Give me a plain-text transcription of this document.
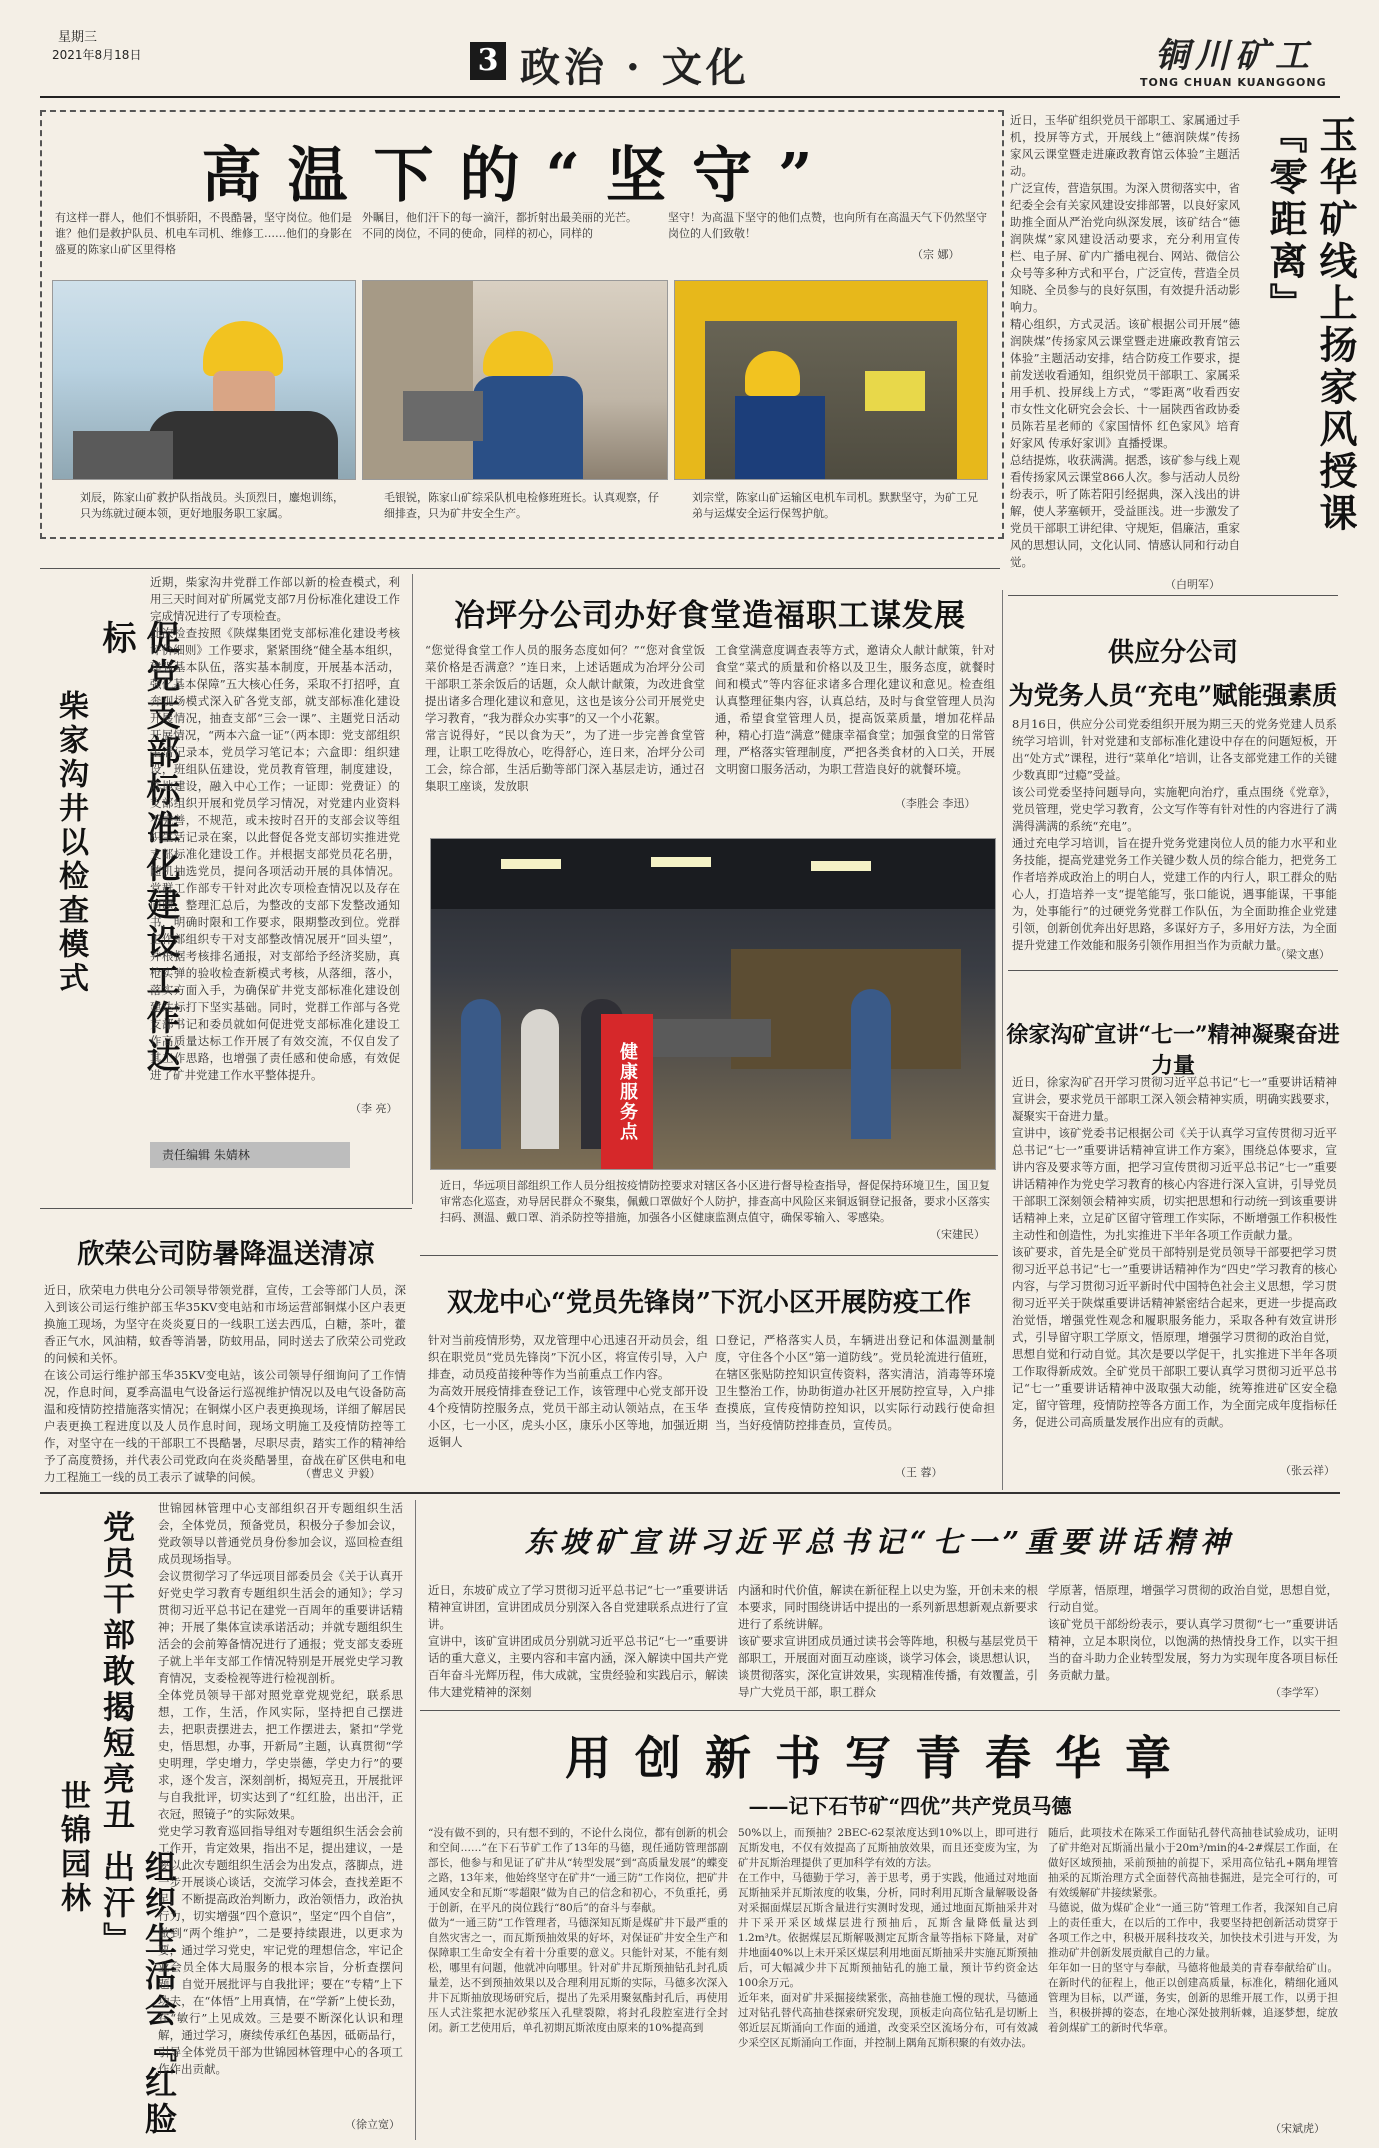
星期三
2021年8月18日	3 政治 · 文化	铜川矿工
TONG CHUAN KUANGGONG
高温下的“坚守”
有这样一群人，他们不惧骄阳，不畏酷暑，坚守岗位。他们是谁？他们是救护队员、机电车司机、维修工……他们的身影在盛夏的陈家山矿区里得格
外瞩目，他们汗下的每一滴汗，都折射出最美丽的光芒。
不同的岗位，不同的使命，同样的初心，同样的
坚守！为高温下坚守的他们点赞，也向所有在高温天气下仍然坚守岗位的人们致敬！
（宗 娜）
刘辰，陈家山矿救护队指战员。头顶烈日，鏖炮训练，只为练就过硬本领，更好地服务职工家属。
毛银锐，陈家山矿综采队机电检修班班长。认真观察，仔细排查，只为矿井安全生产。
刘宗堂，陈家山矿运输区电机车司机。默默坚守，为矿工兄弟与运煤安全运行保驾护航。
近日，玉华矿组织党员干部职工、家属通过手机，投屏等方式，开展线上“德润陕煤”传扬家风云课堂暨走进廉政教育馆云体验”主题活动。
广泛宣传，营造氛围。为深入贯彻落实中，省纪委全会有关家风建设安排部署，以良好家风助推全面从严治党向纵深发展，该矿结合“德润陕煤”家风建设活动要求，充分利用宣传栏、电子屏、矿内广播电视台、网站、微信公众号等多种方式和平台，广泛宣传，营造全员知晓、全员参与的良好氛围，有效提升活动影响力。
精心组织，方式灵活。该矿根据公司开展“德润陕煤”传扬家风云课堂暨走进廉政教育馆云体验”主题活动安排，结合防疫工作要求，提前发送收看通知，组织党员干部职工、家属采用手机、投屏线上方式，“零距离”收看西安市女性文化研究会会长、十一届陕西省政协委员陈若星老师的《家国情怀 红色家风》培育好家风 传承好家训》直播授课。
总结提炼，收获满满。据悉，该矿参与线上观看传扬家风云课堂866人次。参与活动人员纷纷表示，听了陈若阳引经据典，深入浅出的讲解，使人茅塞顿开，受益匪浅。进一步激发了党员干部职工讲纪律、守规矩，倡廉洁，重家风的思想认同，文化认同、情感认同和行动自觉。
（白明军）
玉华矿线上扬家风授课『零距离』
促党支部标准化建设工作达标
柴家沟井以检查模式
近期，柴家沟井党群工作部以新的检查模式，利用三天时间对矿所属党支部7月份标准化建设工作完成情况进行了专项检查。
此次检查按照《陕煤集团党支部标准化建设考核评价细则》工作要求，紧紧围绕“健全基本组织，建强基本队伍，落实基本制度，开展基本活动，强化基本保障”五大核心任务，采取不打招呼，直奔现场模式深入矿各党支部，就支部标准化建设开展情况，抽查支部“三会一课”、主题党日活动开展情况，“两本六盒一证”（两本即：党支部组织生活记录本，党员学习笔记本；六盒即：组织建设，班组队伍建设，党员教育管理，制度建设，阵地建设，融入中心工作；一证即：党费证）的支部组织开展和党员学习情况，对党建内业资料不完善，不规范，或未按时召开的支部会议等组织生活记录在案，以此督促各党支部切实推进党支部标准化建设工作。并根据支部党员花名册，随机抽选党员，提问各项活动开展的具体情况。党群工作部专干针对此次专项检查情况以及存在问题，整理汇总后，为整改的支部下发整改通知书，明确时限和工作要求，限期整改到位。党群工作部组织专干对支部整改情况展开“回头望”，并根据考核排名通报，对支部给予经济奖励，真枪实弹的验收检查新模式考核，从落细，落小，落实方面入手，为确保矿井党支部标准化建设创建达标打下坚实基础。同时，党群工作部与各党支部书记和委员就如何促进党支部标准化建设工作高质量达标工作开展了有效交流，不仅自发了其工作思路，也增强了责任感和使命感，有效促进了矿井党建工作水平整体提升。
（李 亮）
责任编辑 朱婧林
冶坪分公司办好食堂造福职工谋发展
“您觉得食堂工作人员的服务态度如何？”“您对食堂饭菜价格是否满意？”连日来，上述话题成为冶坪分公司干部职工茶余饭后的话题，众人献计献策，为改进食堂提出诸多合理化建议和意见，这也是该分公司开展党史学习教育，“我为群众办实事”的又一个小花絮。
常言说得好，“民以食为天”，为了进一步完善食堂管理，让职工吃得放心，吃得舒心，连日来，冶坪分公司工会，综合部，生活后勤等部门深入基层走访，通过召集职工座谈，发放职
工食堂满意度调查表等方式，邀请众人献计献策，针对食堂“菜式的质量和价格以及卫生，服务态度，就餐时间和模式”等内容征求诸多合理化建议和意见。检查组认真整理征集内容，认真总结，及时与食堂管理人员沟通，希望食堂管理人员，提高饭菜质量，增加花样品种，精心打造“满意”健康幸福食堂；加强食堂的日常管理，严格落实管理制度，严把各类食材的入口关，开展文明窗口服务活动，为职工营造良好的就餐环境。
（李胜会 李迅）
健康服务点
近日，华远项目部组织工作人员分组按疫情防控要求对辖区各小区进行督导检查指导，督促保持环境卫生，国卫复审常态化巡查，劝导居民群众不聚集，佩戴口罩做好个人防护，排查高中风险区来铜返铜登记报备，要求小区落实扫码、测温、戴口罩、消杀防控等措施，加强各小区健康监测点值守，确保零输入、零感染。
（宋建民）
供应分公司
为党务人员“充电”赋能强素质
8月16日，供应分公司党委组织开展为期三天的党务党建人员系统学习培训，针对党建和支部标准化建设中存在的问题短板，开出“处方式”课程，进行“菜单化”培训，让各支部党建工作的关键少数真即“过瘾”受益。
该公司党委坚持问题导向，实施靶向治疗，重点围绕《党章》，党员管理，党史学习教育，公文写作等有针对性的内容进行了满满得满满的系统“充电”。
通过充电学习培训，旨在提升党务党建岗位人员的能力水平和业务技能，提高党建党务工作关键少数人员的综合能力，把党务工作者培养成政治上的明白人，党建工作的内行人，职工群众的贴心人，打造培养一支“提笔能写，张口能说，遇事能谋，干事能为，处事能行”的过硬党务党群工作队伍，为全面助推企业党建引领，创新创优奔出好思路，多谋好方子，多用好方法，为全面提升党建工作效能和服务引领作用担当作为贡献力量。
（梁文惠）
徐家沟矿宣讲“七一”精神凝聚奋进力量
近日，徐家沟矿召开学习贯彻习近平总书记“七一”重要讲话精神宣讲会，要求党员干部职工深入领会精神实质，明确实践要求，凝聚实干奋进力量。
宣讲中，该矿党委书记根据公司《关于认真学习宣传贯彻习近平总书记“七一”重要讲话精神宣讲工作方案》，围绕总体要求，宣讲内容及要求等方面，把学习宣传贯彻习近平总书记“七一”重要讲话精神作为党史学习教育的核心内容进行深入宣讲，引导党员干部职工深刻领会精神实质，切实把思想和行动统一到该重要讲话精神上来，立足矿区留守管理工作实际，不断增强工作积极性主动性和创造性，为扎实推进下半年各项工作贡献力量。
该矿要求，首先是全矿党员干部特别是党员领导干部要把学习贯彻习近平总书记“七一”重要讲话精神作为“四史”学习教育的核心内容，与学习贯彻习近平新时代中国特色社会主义思想，学习贯彻习近平关于陕煤重要讲话精神紧密结合起来，更进一步提高政治觉悟，增强党性观念和履职服务能力，采取各种有效宣讲形式，引导留守职工学原文，悟原理，增强学习贯彻的政治自觉，思想自觉和行动自觉。其次是要以学促干，扎实推进下半年各项工作取得新成效。全矿党员干部职工要认真学习贯彻习近平总书记“七一”重要讲话精神中汲取强大动能，统筹推进矿区安全稳定，留守管理，疫情防控等各方面工作，为全面完成年度指标任务，促进公司高质量发展作出应有的贡献。
（张云祥）
欣荣公司防暑降温送清凉
近日，欣荣电力供电分公司领导带领党群，宣传，工会等部门人员，深入到该公司运行维护部玉华35KV变电站和市场运营部铜煤小区户表更换施工现场，为坚守在炎炎夏日的一线职工送去西瓜，白糖，茶叶，藿香正气水，风油精，蚊香等消暑，防蚊用品，同时送去了欣荣公司党政的问候和关怀。
在该公司运行维护部玉华35KV变电站，该公司领导仔细询问了工作情况，作息时间，夏季高温电气设备运行巡视维护情况以及电气设备防高温和疫情防控措施落实情况；在铜煤小区户表更换现场，详细了解居民户表更换工程进度以及人员作息时间，现场文明施工及疫情防控等工作，对坚守在一线的干部职工不畏酷暑，尽职尽责，踏实工作的精神给予了高度赞扬，并代表公司党政向在炎炎酷暑里，奋战在矿区供电和电力工程施工一线的员工表示了诚挚的问候。	（曹忠义 尹毅）
双龙中心“党员先锋岗”下沉小区开展防疫工作
针对当前疫情形势，双龙管理中心迅速召开动员会，组织在职党员“党员先锋岗”下沉小区，将宣传引导，入户排查，动员疫苗接种等作为当前重点工作内容。
为高效开展疫情排查登记工作，该管理中心党支部开设4个疫情防控服务点，党员干部主动认领站点，在玉华小区，七一小区，虎头小区，康乐小区等地，加强近期返铜人
口登记，严格落实人员，车辆进出登记和体温测量制度，守住各个小区“第一道防线”。党员轮流进行值班，在辖区张贴防控知识宣传资料，落实清洁，消毒等环境卫生整治工作，协助街道办社区开展防控宣导，入户排查摸底，宣传疫情防控知识，以实际行动践行使命担当，当好疫情防控排查员，宣传员。
（王 蓉）
党员干部敢揭短亮丑
组织生活会『红脸出汗』
世锦园林
世锦园林管理中心支部组织召开专题组织生活会，全体党员，预备党员，积极分子参加会议，党政领导以普通党员身份参加会议，巡回检查组成员现场指导。
会议贯彻学习了华远项目部委员会《关于认真开好党史学习教育专题组织生活会的通知》；学习贯彻习近平总书记在建党一百周年的重要讲话精神；开展了集体宣读承诺活动；并就专题组织生活会的会前筹备情况进行了通报；党支部支委班子就上半年支部工作情况特别是开展党史学习教育情况，支委检视等进行检视剖析。
全体党员领导干部对照党章党规党纪，联系思想，工作，生活，作风实际，坚持把自己摆进去，把职责摆进去，把工作摆进去，紧扣“学党史，悟思想，办事，开新局”主题，认真贯彻“学史明理，学史增力，学史崇德，学史力行”的要求，逐个发言，深刻剖析，揭短亮丑，开展批评与自我批评，切实达到了“红红脸，出出汗，正衣冠，照镜子”的实际效果。
党史学习教育巡回指导组对专题组织生活会会前工作开，肯定效果，指出不足，提出建议，一是要以此次专题组织生活会为出发点，落脚点，进一步开展谈心谈话，交流学习体会，查找差距不足，不断提高政治判断力，政治领悟力，政治执行力，切实增强“四个意识”，坚定“四个自信”，做到“两个维护”，二是要持续跟进，以更求为要，通过学习党史，牢记党的理想信念，牢记企业会员全体大局服务的根本宗旨，分析查摆问题，自觉开展批评与自我批评；要在“专精”上下功夫，在“体悟”上用真情，在“学新”上使长劲，在“敏行”上见成效。三是要不断深化认识和理解，通过学习，赓续传承红色基因，砥砺品行，引导全体党员干部为世锦园林管理中心的各项工作作出贡献。
（徐立宽）
东坡矿宣讲习近平总书记“七一”重要讲话精神
近日，东坡矿成立了学习贯彻习近平总书记“七一”重要讲话精神宣讲团，宣讲团成员分别深入各自党建联系点进行了宣讲。
宣讲中，该矿宣讲团成员分别就习近平总书记“七一”重要讲话的重大意义，主要内容和丰富内涵，深入解读中国共产党百年奋斗光辉历程，伟大成就，宝贵经验和实践启示，解读伟大建党精神的深刻
内涵和时代价值，解读在新征程上以史为鉴，开创未来的根本要求，同时围绕讲话中提出的一系列新思想新观点新要求进行了系统讲解。
该矿要求宣讲团成员通过读书会等阵地，积极与基层党员干部职工，开展面对面互动座谈，谈学习体会，谈思想认识，谈贯彻落实，深化宣讲效果，实现精准传播，有效覆盖，引导广大党员干部，职工群众
学原著，悟原理，增强学习贯彻的政治自觉，思想自觉，行动自觉。
该矿党员干部纷纷表示，要认真学习贯彻“七一”重要讲话精神，立足本职岗位，以饱满的热情投身工作，以实干担当的奋斗助力企业转型发展，努力为实现年度各项目标任务贡献力量。
（李学军）
用创新书写青春华章
——记下石节矿“四优”共产党员马德
“没有做不到的，只有想不到的，不论什么岗位，都有创新的机会和空间……”在下石节矿工作了13年的马德，现任通防管理部副部长，他参与和见证了矿井从“转型发展”到“高质量发展”的蝶变之路，13年来，他始终坚守在矿井“一通三防”工作岗位，把矿井通风安全和瓦斯“零超限”做为自己的信念和初心，不负重托，勇于创新，在平凡的岗位践行“80后”的奋斗与奉献。
做为“一通三防”工作管理者，马德深知瓦斯是煤矿井下最严重的自然灾害之一，而瓦斯预抽效果的好坏，对保证矿井安全生产和保障职工生命安全有着十分重要的意义。只能针对某，不能有刻松，哪里有问题，他就冲向哪里。针对矿井瓦斯预抽钻孔封孔质量差，达不到预抽效果以及合理利用瓦斯的实际，马德多次深入井下瓦斯抽放现场研究后，提出了先采用聚氨酯封孔后，再使用压人式注浆把水泥砂浆压入孔壁裂隙，将封孔段腔室进行全封闭。新工艺使用后，单孔初期瓦斯浓度由原来的10%提高到
50%以上，而预抽？2BEC-62泵浓度达到10%以上，即可进行瓦斯发电，不仅有效提高了瓦斯抽放效果，而且还变废为宝，为矿井瓦斯治理提供了更加科学有效的方法。
在工作中，马德勤于学习，善于思考，勇于实践，他通过对地面瓦斯抽采并瓦斯浓度的收集，分析，同时利用瓦斯含量解吸设备对采掘面煤层瓦斯含量进行实测时发现，通过地面瓦斯抽采井对井下采开采区域煤层进行预抽后，瓦斯含量降低量达到1.2m³/t。依据煤层瓦斯解吸测定瓦斯含量等指标下降量，对矿井地面40%以上未开采区煤层利用地面瓦斯抽采井实施瓦斯预抽后，可大幅减少井下瓦斯预抽钻孔的施工量，预计节约资金达100余万元。
近年来，面对矿井采掘接续紧张，高抽巷施工慢的现状，马德通过对钻孔替代高抽巷探索研究发现，顶板走向高位钻孔是切断上邻近层瓦斯涌向工作面的通道，改变采空区流场分布，可有效减少采空区瓦斯涌向工作面，并控制上隅角瓦斯积聚的有效办法。
随后，此项技术在陈采工作面钻孔替代高抽巷试验成功，证明了矿井绝对瓦斯涌出量小于20m³/min的4-2#煤层工作面，在做好区域预抽，采前预抽的前提下，采用高位钻孔+隅角埋管抽采的瓦斯治理方式全面替代高抽巷掘进，是完全可行的，可有效缓解矿井接续紧张。
马德说，做为煤矿企业“一通三防”管理工作者，我深知自己肩上的责任重大，在以后的工作中，我要坚持把创新活动贯穿于各项工作之中，积极开展科技攻关，加快技术引进与开发，为推动矿井创新发展贡献自己的力量。
年年如一日的坚守与奉献，马德将他最美的青春奉献给矿山。在新时代的征程上，他正以创建高质量，标准化，精细化通风管理为目标，以严谨，务实，创新的思维开展工作，以勇于担当，积极拼搏的姿态，在地心深处披荆斩棘，追逐梦想，绽放着剑煤矿工的新时代华章。
（宋斌虎）
